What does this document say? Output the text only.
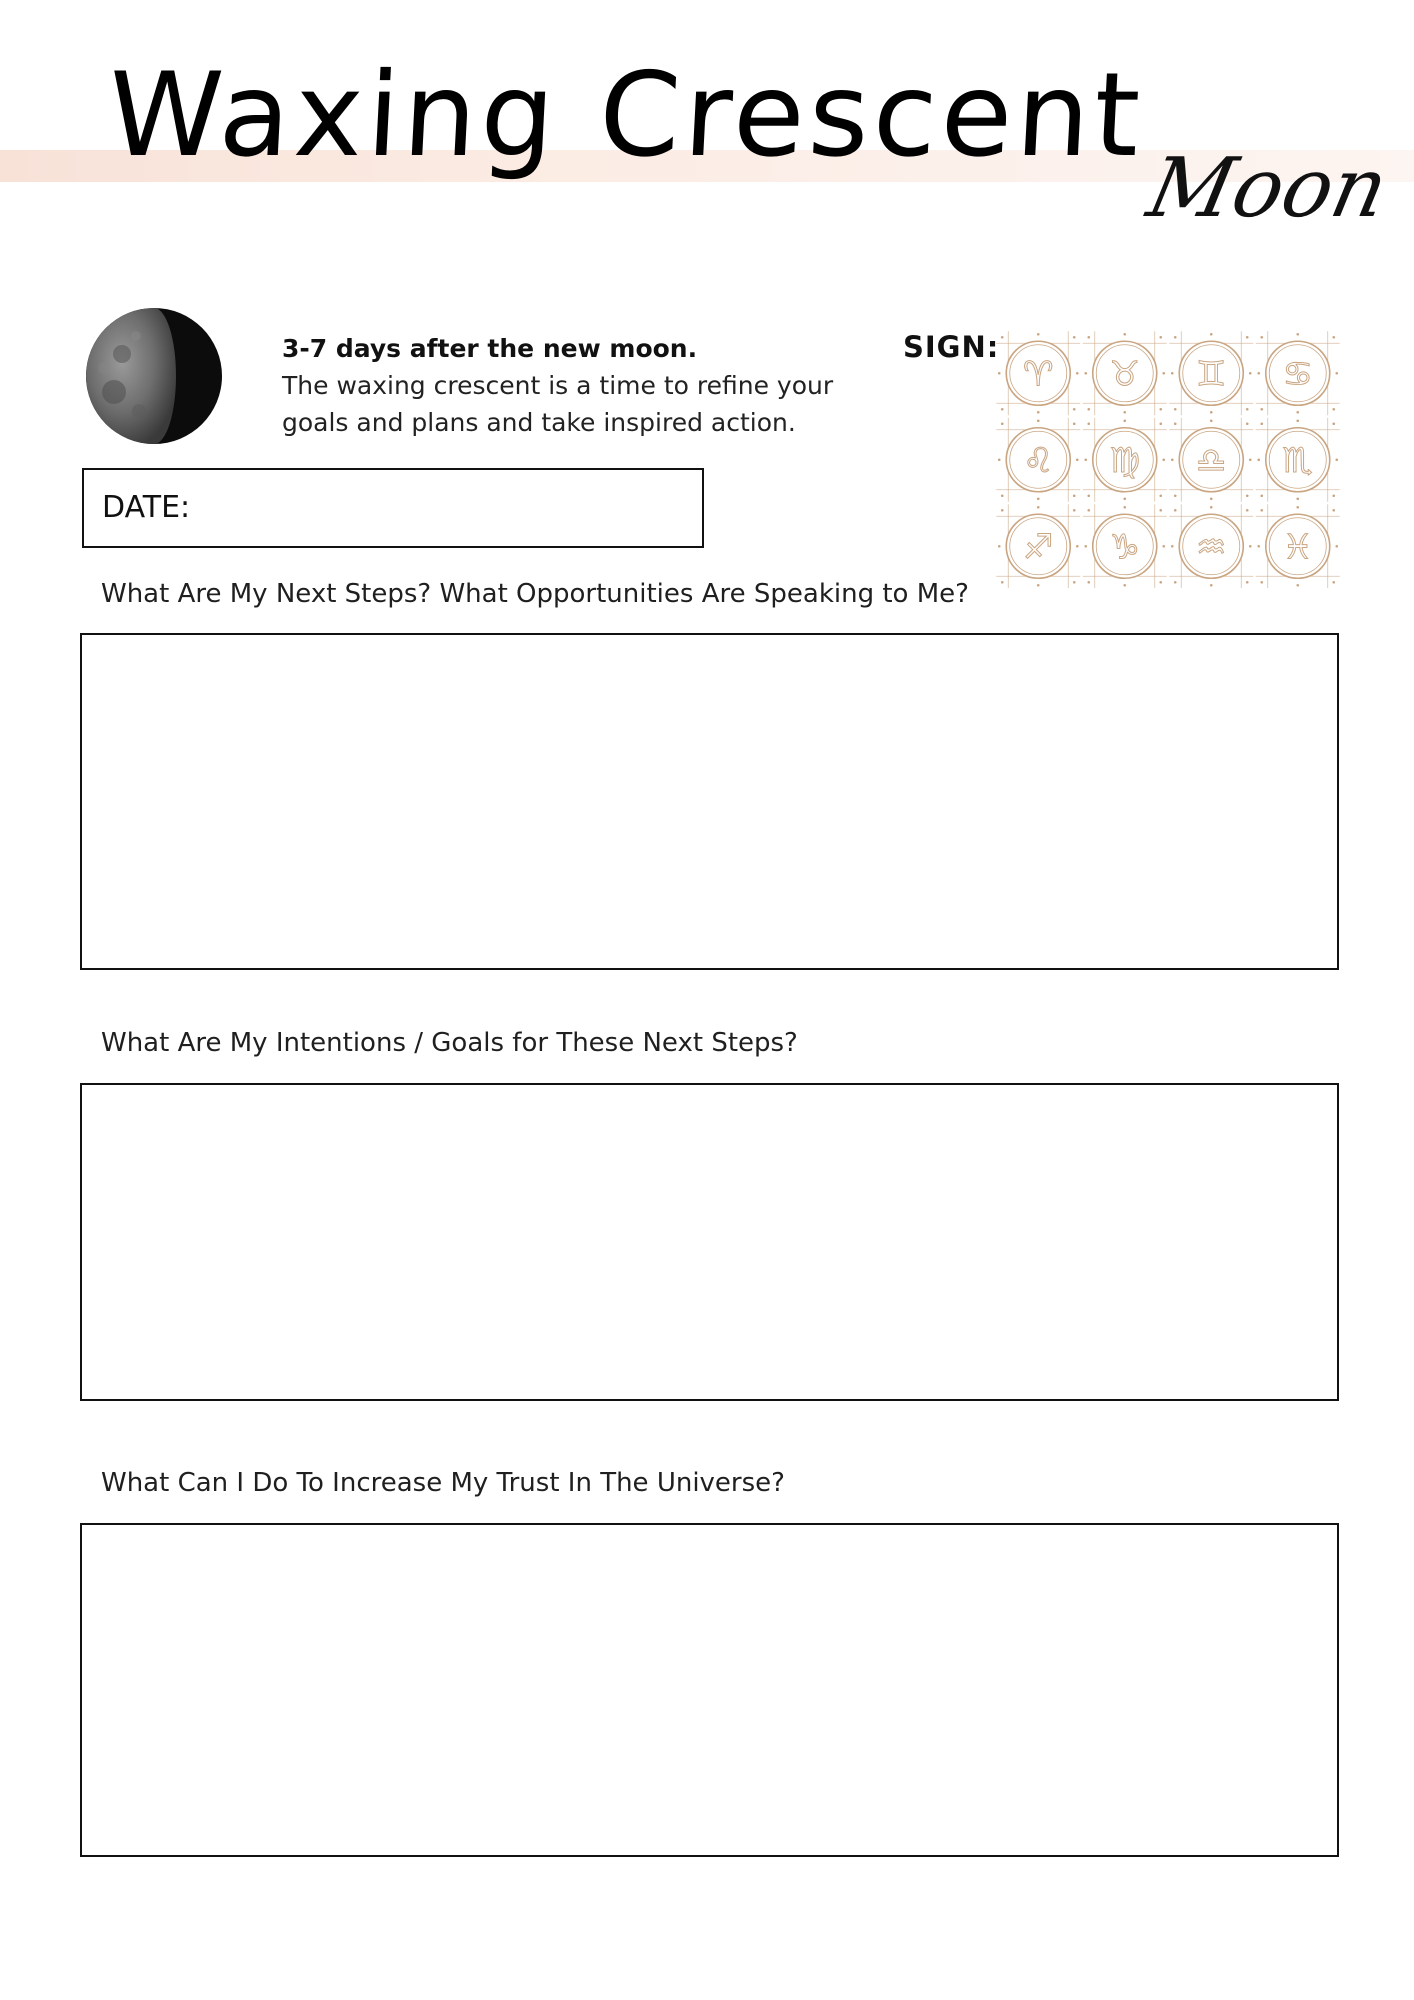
Waxing Crescent
Moon
3-7 days after the new moon.
The waxing crescent is a time to refine your goals and plans and take inspired action.
SIGN:
♈ ♉ ♊ ♋
♌ ♍ ♎ ♏
♐ ♑ ♒ ♓
DATE:
What Are My Next Steps? What Opportunities Are Speaking to Me?
What Are My Intentions / Goals for These Next Steps?
What Can I Do To Increase My Trust In The Universe?
